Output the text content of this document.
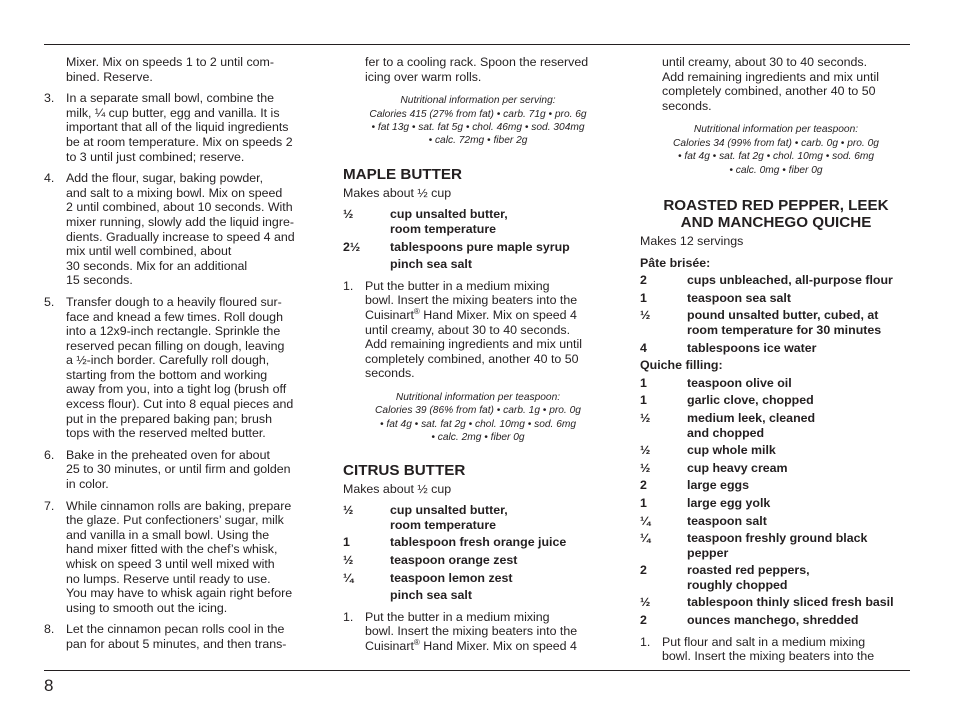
Mixer. Mix on speeds 1 to 2 until com-
bined. Reserve.
3. In a separate small bowl, combine the
milk, ¼ cup butter, egg and vanilla. It is
important that all of the liquid ingredients
be at room temperature. Mix on speeds 2
to 3 until just combined; reserve.
4. Add the flour, sugar, baking powder,
and salt to a mixing bowl. Mix on speed
2 until combined, about 10 seconds. With
mixer running, slowly add the liquid ingre-
dients. Gradually increase to speed 4 and
mix until well combined, about
30 seconds. Mix for an additional
15 seconds.
5. Transfer dough to a heavily floured sur-
face and knead a few times. Roll dough
into a 12x9-inch rectangle. Sprinkle the
reserved pecan filling on dough, leaving
a ½-inch border. Carefully roll dough,
starting from the bottom and working
away from you, into a tight log (brush off
excess flour). Cut into 8 equal pieces and
put in the prepared baking pan; brush
tops with the reserved melted butter.
6. Bake in the preheated oven for about
25 to 30 minutes, or until firm and golden
in color.
7. While cinnamon rolls are baking, prepare
the glaze. Put confectioners’ sugar, milk
and vanilla in a small bowl. Using the
hand mixer fitted with the chef’s whisk,
whisk on speed 3 until well mixed with
no lumps. Reserve until ready to use.
You may have to whisk again right before
using to smooth out the icing.
8. Let the cinnamon pecan rolls cool in the
pan for about 5 minutes, and then trans-
fer to a cooling rack. Spoon the reserved
icing over warm rolls.
Nutritional information per serving:
Calories 415 (27% from fat) • carb. 71g • pro. 6g
• fat 13g • sat. fat 5g • chol. 46mg • sod. 304mg
• calc. 72mg • fiber 2g
MAPLE BUTTER
Makes about ½ cup
½	cup unsalted butter,
room temperature
2½	tablespoons pure maple syrup
pinch sea salt
1. Put the butter in a medium mixing
bowl. Insert the mixing beaters into the
Cuisinart® Hand Mixer. Mix on speed 4
until creamy, about 30 to 40 seconds.
Add remaining ingredients and mix until
completely combined, another 40 to 50
seconds.
Nutritional information per teaspoon:
Calories 39 (86% from fat) • carb. 1g • pro. 0g
• fat 4g • sat. fat 2g • chol. 10mg • sod. 6mg
• calc. 2mg • fiber 0g
CITRUS BUTTER
Makes about ½ cup
½	cup unsalted butter,
room temperature
1	tablespoon fresh orange juice
½	teaspoon orange zest
¼	teaspoon lemon zest
pinch sea salt
1. Put the butter in a medium mixing
bowl. Insert the mixing beaters into the
Cuisinart® Hand Mixer. Mix on speed 4
until creamy, about 30 to 40 seconds.
Add remaining ingredients and mix until
completely combined, another 40 to 50
seconds.
Nutritional information per teaspoon:
Calories 34 (99% from fat) • carb. 0g • pro. 0g
• fat 4g • sat. fat 2g • chol. 10mg • sod. 6mg
• calc. 0mg • fiber 0g
ROASTED RED PEPPER, LEEK
AND MANCHEGO QUICHE
Makes 12 servings
Pâte brisée:
2	cups unbleached, all-purpose flour
1	teaspoon sea salt
½	pound unsalted butter, cubed, at
room temperature for 30 minutes
4	tablespoons ice water
Quiche filling:
1	teaspoon olive oil
1	garlic clove, chopped
½	medium leek, cleaned
and chopped
½	cup whole milk
½	cup heavy cream
2	large eggs
1	large egg yolk
¼	teaspoon salt
¼	teaspoon freshly ground black
pepper
2	roasted red peppers,
roughly chopped
½	tablespoon thinly sliced fresh basil
2	ounces manchego, shredded
1. Put flour and salt in a medium mixing
bowl. Insert the mixing beaters into the
8
